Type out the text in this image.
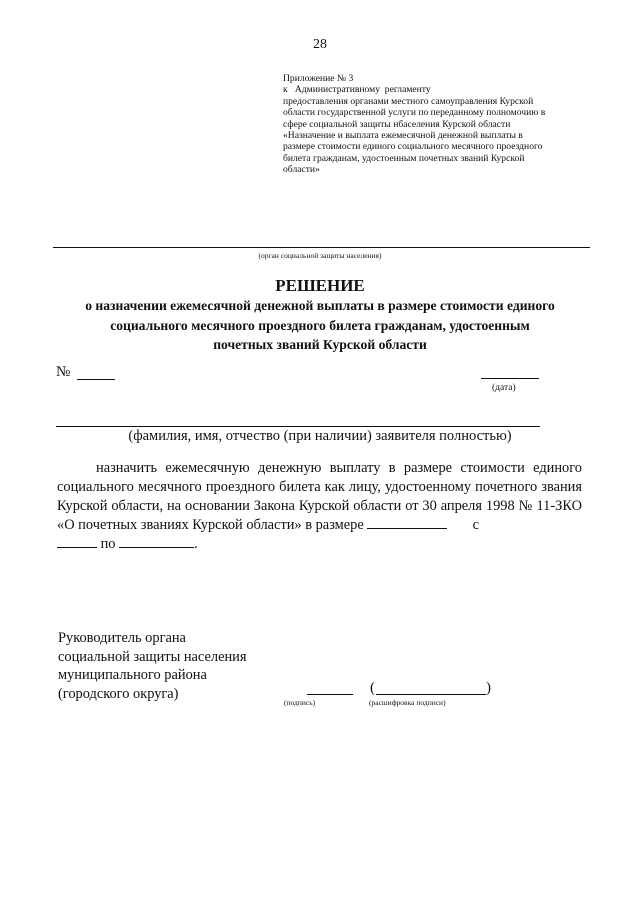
28
Приложение № 3
к   Административному  регламенту
предоставления органами местного самоуправления Курской
области государственной услуги по переданному полномочию в
сфере социальной защиты нбаселения Курской области
«Назначение и выплата ежемесячной денежной выплаты в
размере стоимости единого социального месячного проездного
билета гражданам, удостоенным почетных званий Курской
области»
(орган социальной защиты населения)
РЕШЕНИЕ
о назначении ежемесячной денежной выплаты в размере стоимости единого
социального месячного проездного билета гражданам, удостоенным
почетных званий Курской области
№
(дата)
(фамилия, имя, отчество (при наличии) заявителя полностью)

назначить ежемесячную денежную выплату в размере стоимости единого социального месячного проездного билета как лицу, удостоенному почетного звания Курской области, на основании Закона Курской области от 30 апреля 1998 № 11-ЗКО «О почетных званиях Курской области» в размере	с

по	.
Руководитель органа
социальной защиты населения
муниципального района
(городского округа)
(подпись)
(	)
(расшифровка подписи)
